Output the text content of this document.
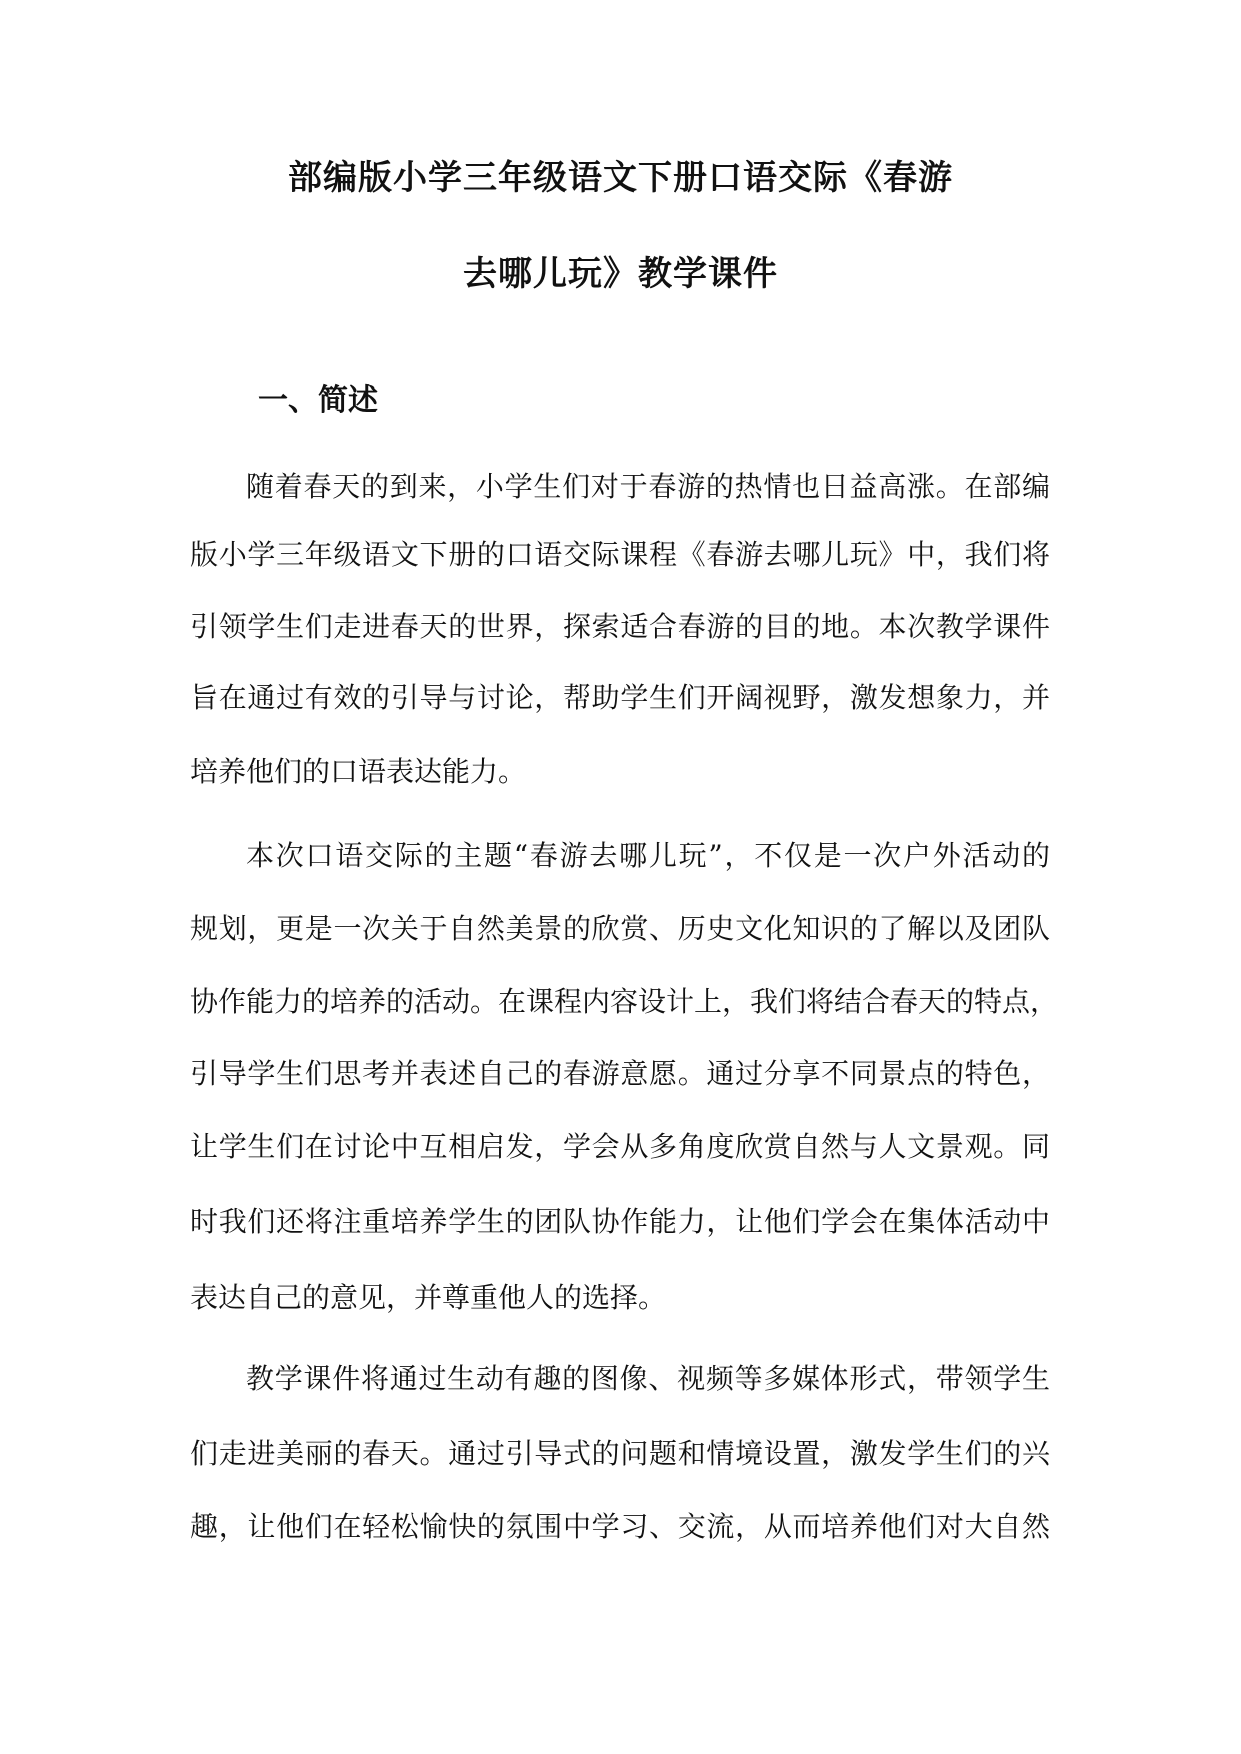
部编版小学三年级语文下册口语交际《春游
去哪儿玩》教学课件
一、简述
随着春天的到来，小学生们对于春游的热情也日益高涨。在部编
版小学三年级语文下册的口语交际课程《春游去哪儿玩》中，我们将
引领学生们走进春天的世界，探索适合春游的目的地。本次教学课件
旨在通过有效的引导与讨论，帮助学生们开阔视野，激发想象力，并
培养他们的口语表达能力。
本次口语交际的主题“春游去哪儿玩”，不仅是一次户外活动的
规划，更是一次关于自然美景的欣赏、历史文化知识的了解以及团队
协作能力的培养的活动。在课程内容设计上，我们将结合春天的特点，
引导学生们思考并表述自己的春游意愿。通过分享不同景点的特色，
让学生们在讨论中互相启发，学会从多角度欣赏自然与人文景观。同
时我们还将注重培养学生的团队协作能力，让他们学会在集体活动中
表达自己的意见，并尊重他人的选择。
教学课件将通过生动有趣的图像、视频等多媒体形式，带领学生
们走进美丽的春天。通过引导式的问题和情境设置，激发学生们的兴
趣，让他们在轻松愉快的氛围中学习、交流，从而培养他们对大自然
